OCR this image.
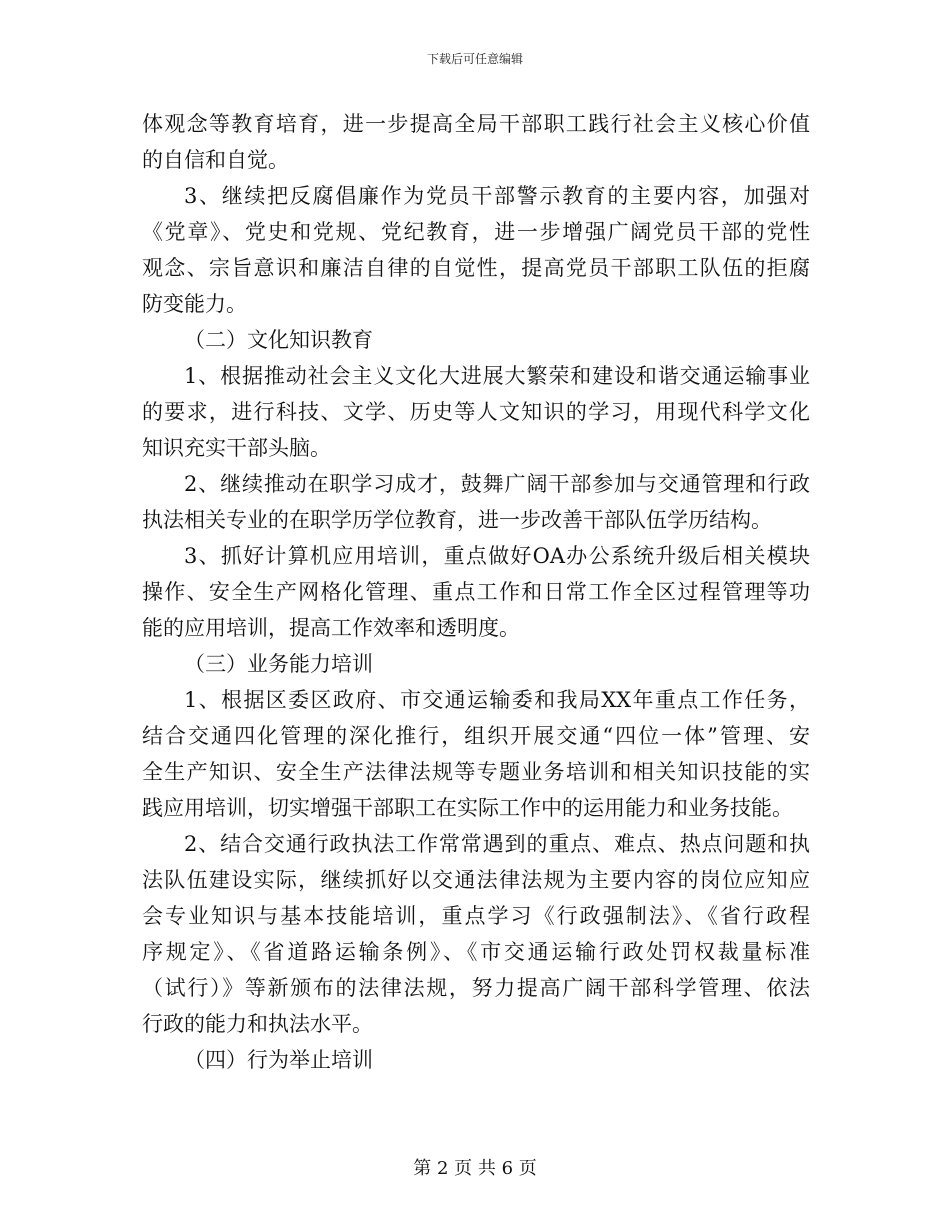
下载后可任意编辑
体观念等教育培育，进一步提高全局干部职工践行社会主义核心价值
的自信和自觉。
3、继续把反腐倡廉作为党员干部警示教育的主要内容，加强对
《党章》、党史和党规、党纪教育，进一步增强广阔党员干部的党性
观念、宗旨意识和廉洁自律的自觉性，提高党员干部职工队伍的拒腐
防变能力。
（二）文化知识教育
1、根据推动社会主义文化大进展大繁荣和建设和谐交通运输事业
的要求，进行科技、文学、历史等人文知识的学习，用现代科学文化
知识充实干部头脑。
2、继续推动在职学习成才，鼓舞广阔干部参加与交通管理和行政
执法相关专业的在职学历学位教育，进一步改善干部队伍学历结构。
3、抓好计算机应用培训，重点做好OA办公系统升级后相关模块
操作、安全生产网格化管理、重点工作和日常工作全区过程管理等功
能的应用培训，提高工作效率和透明度。
（三）业务能力培训
1、根据区委区政府、市交通运输委和我局XX年重点工作任务，
结合交通四化管理的深化推行，组织开展交通“四位一体”管理、安
全生产知识、安全生产法律法规等专题业务培训和相关知识技能的实
践应用培训，切实增强干部职工在实际工作中的运用能力和业务技能。
2、结合交通行政执法工作常常遇到的重点、难点、热点问题和执
法队伍建设实际，继续抓好以交通法律法规为主要内容的岗位应知应
会专业知识与基本技能培训，重点学习《行政强制法》、《省行政程
序规定》、《省道路运输条例》、《市交通运输行政处罚权裁量标准
（试行）》等新颁布的法律法规，努力提高广阔干部科学管理、依法
行政的能力和执法水平。
（四）行为举止培训
第 2 页 共 6 页
